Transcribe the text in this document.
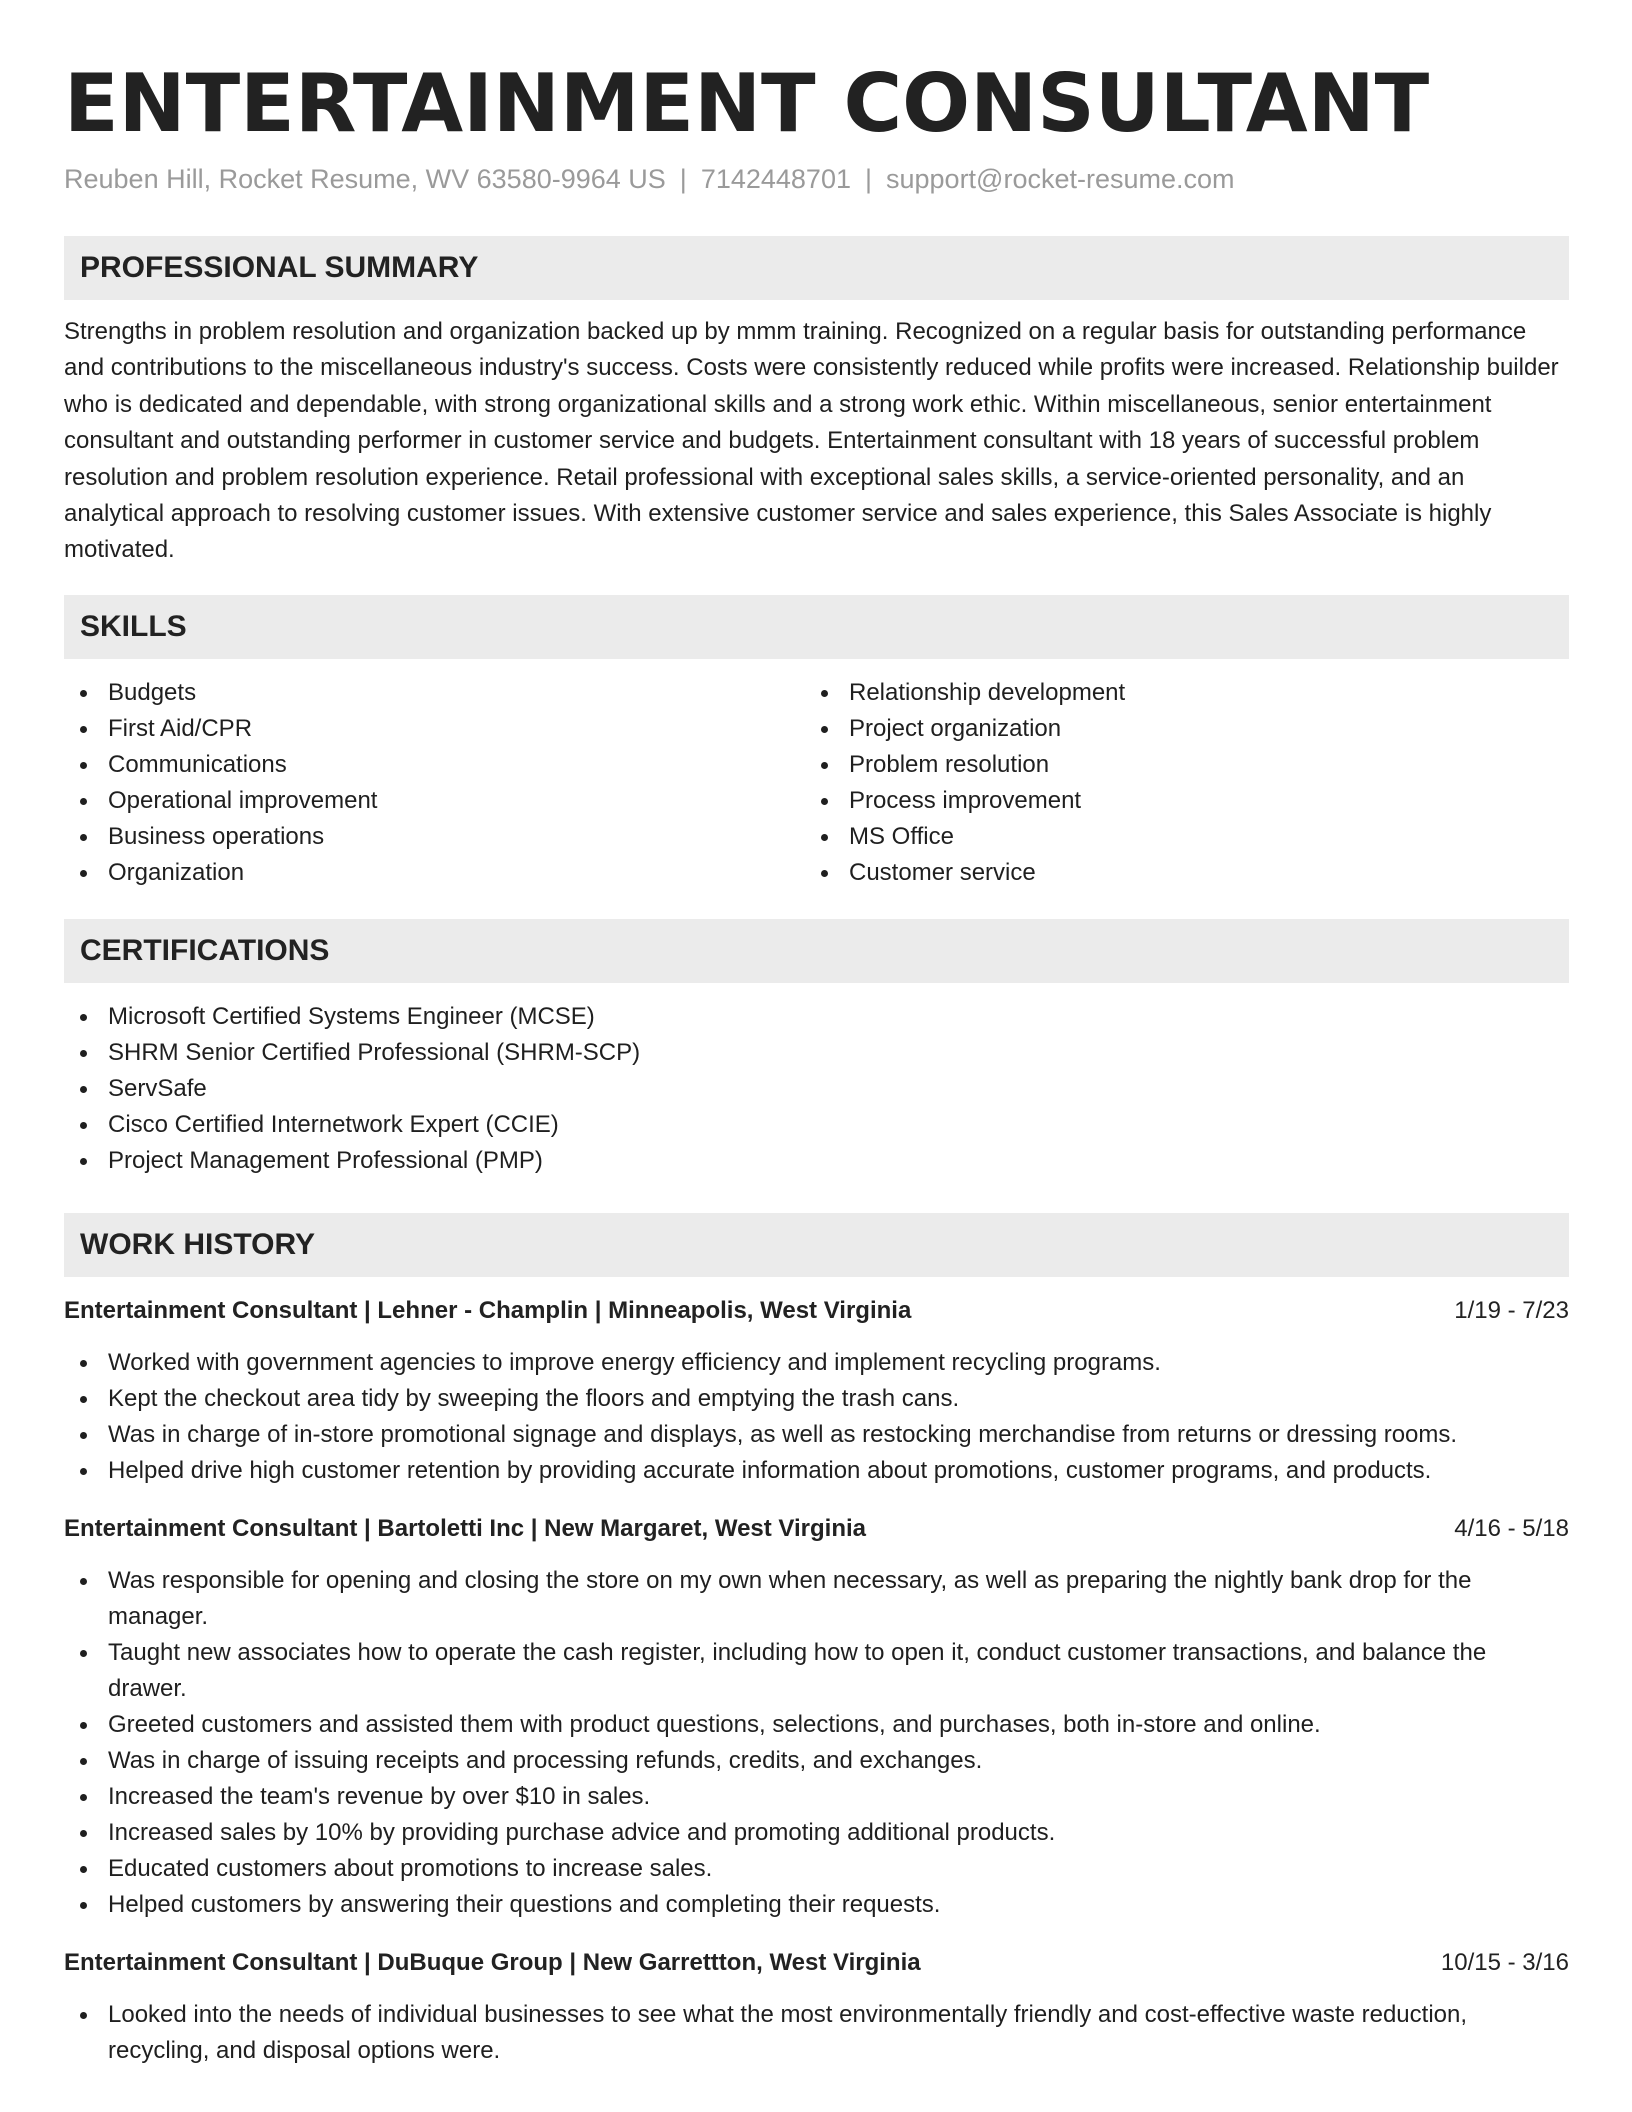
ENTERTAINMENT CONSULTANT
Reuben Hill, Rocket Resume, WV 63580-9964 US | 7142448701 | support@rocket-resume.com
PROFESSIONAL SUMMARY

Strengths in problem resolution and organization backed up by mmm training. Recognized on a regular basis for outstanding performance and contributions to the miscellaneous industry's success. Costs were consistently reduced while profits were increased. Relationship builder who is dedicated and dependable, with strong organizational skills and a strong work ethic. Within miscellaneous, senior entertainment consultant and outstanding performer in customer service and budgets. Entertainment consultant with 18 years of successful problem resolution and problem resolution experience. Retail professional with exceptional sales skills, a service-oriented personality, and an analytical approach to resolving customer issues. With extensive customer service and sales experience, this Sales Associate is highly motivated.

SKILLS
Budgets
First Aid/CPR
Communications
Operational improvement
Business operations
Organization
Relationship development
Project organization
Problem resolution
Process improvement
MS Office
Customer service
CERTIFICATIONS
Microsoft Certified Systems Engineer (MCSE)
SHRM Senior Certified Professional (SHRM-SCP)
ServSafe
Cisco Certified Internetwork Expert (CCIE)
Project Management Professional (PMP)
WORK HISTORY
Entertainment Consultant | Lehner - Champlin | Minneapolis, West Virginia	1/19 - 7/23
Worked with government agencies to improve energy efficiency and implement recycling programs.
Kept the checkout area tidy by sweeping the floors and emptying the trash cans.
Was in charge of in-store promotional signage and displays, as well as restocking merchandise from returns or dressing rooms.
Helped drive high customer retention by providing accurate information about promotions, customer programs, and products.
Entertainment Consultant | Bartoletti Inc | New Margaret, West Virginia	4/16 - 5/18
Was responsible for opening and closing the store on my own when necessary, as well as preparing the nightly bank drop for the manager.
Taught new associates how to operate the cash register, including how to open it, conduct customer transactions, and balance the drawer.
Greeted customers and assisted them with product questions, selections, and purchases, both in-store and online.
Was in charge of issuing receipts and processing refunds, credits, and exchanges.
Increased the team's revenue by over $10 in sales.
Increased sales by 10% by providing purchase advice and promoting additional products.
Educated customers about promotions to increase sales.
Helped customers by answering their questions and completing their requests.
Entertainment Consultant | DuBuque Group | New Garrettton, West Virginia	10/15 - 3/16
Looked into the needs of individual businesses to see what the most environmentally friendly and cost-effective waste reduction, recycling, and disposal options were.
